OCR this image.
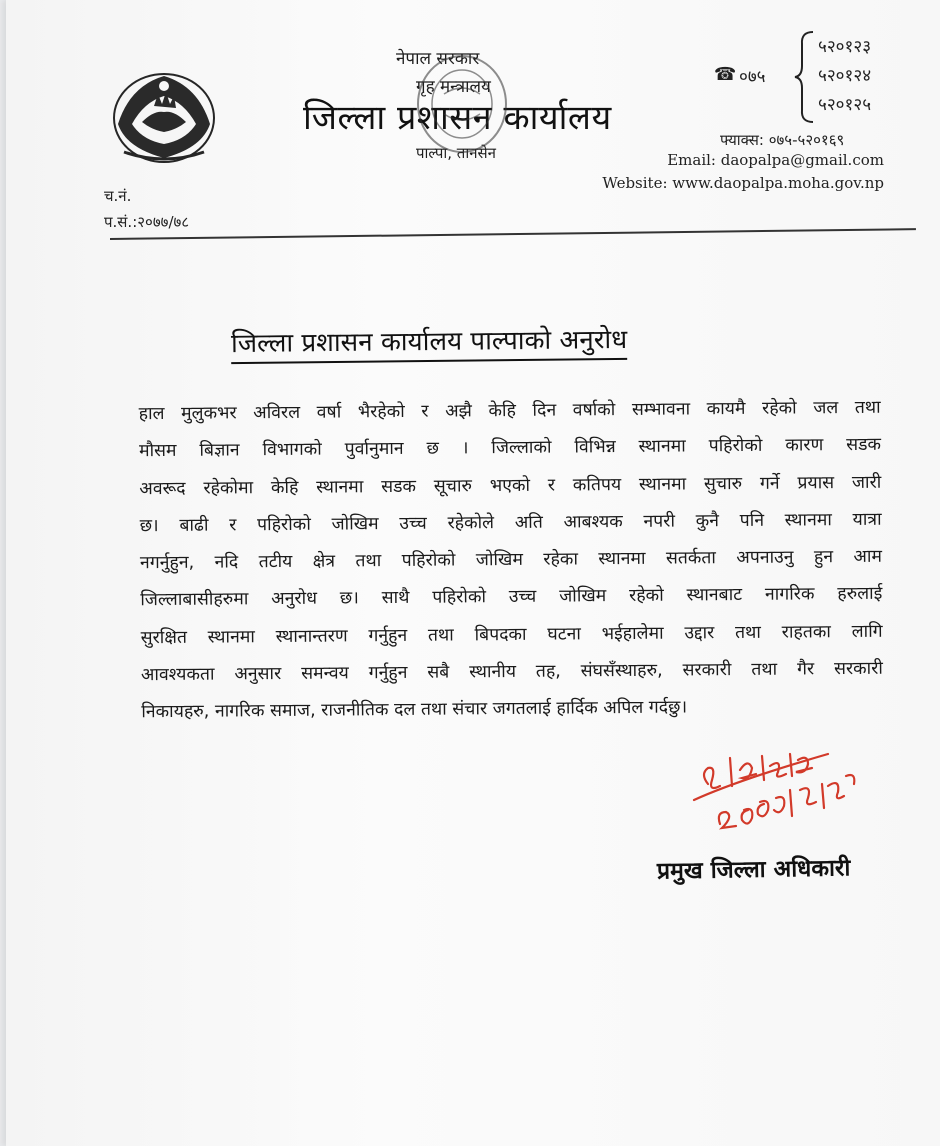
नेपाल सरकार
गृह मन्त्रालय
जिल्ला प्रशासन कार्यालय
पाल्पा, तानसेन
☎ ०७५
५२०१२३
५२०१२४
५२०१२५
फ्याक्स: ०७५-५२०१६९
Email: daopalpa@gmail.com
Website: www.daopalpa.moha.gov.np
च.नं.
प.सं.:२०७७/७८
जिल्ला प्रशासन कार्यालय पाल्पाको अनुरोध
हाल मुलुकभर अविरल वर्षा भैरहेको र अझै केहि दिन वर्षाको सम्भावना कायमै रहेको जल तथा
मौसम बिज्ञान विभागको पुर्वानुमान छ । जिल्लाको विभिन्न स्थानमा पहिरोको कारण सडक
अवरूद रहेकोमा केहि स्थानमा सडक सूचारु भएको र कतिपय स्थानमा सुचारु गर्ने प्रयास जारी
छ। बाढी र पहिरोको जोखिम उच्च रहेकोले अति आबश्यक नपरी कुनै पनि स्थानमा यात्रा
नगर्नुहुन, नदि तटीय क्षेत्र तथा पहिरोको जोखिम रहेका स्थानमा सतर्कता अपनाउनु हुन आम
जिल्लाबासीहरुमा अनुरोध छ। साथै पहिरोको उच्च जोखिम रहेको स्थानबाट नागरिक हरुलाई
सुरक्षित स्थानमा स्थानान्तरण गर्नुहुन तथा बिपदका घटना भईहालेमा उद्दार तथा राहतका लागि
आवश्यकता अनुसार समन्वय गर्नुहुन सबै स्थानीय तह, संघसँस्थाहरु, सरकारी तथा गैर सरकारी
निकायहरु, नागरिक समाज, राजनीतिक दल तथा संचार जगतलाई हार्दिक अपिल गर्दछु।
प्रमुख जिल्ला अधिकारी
